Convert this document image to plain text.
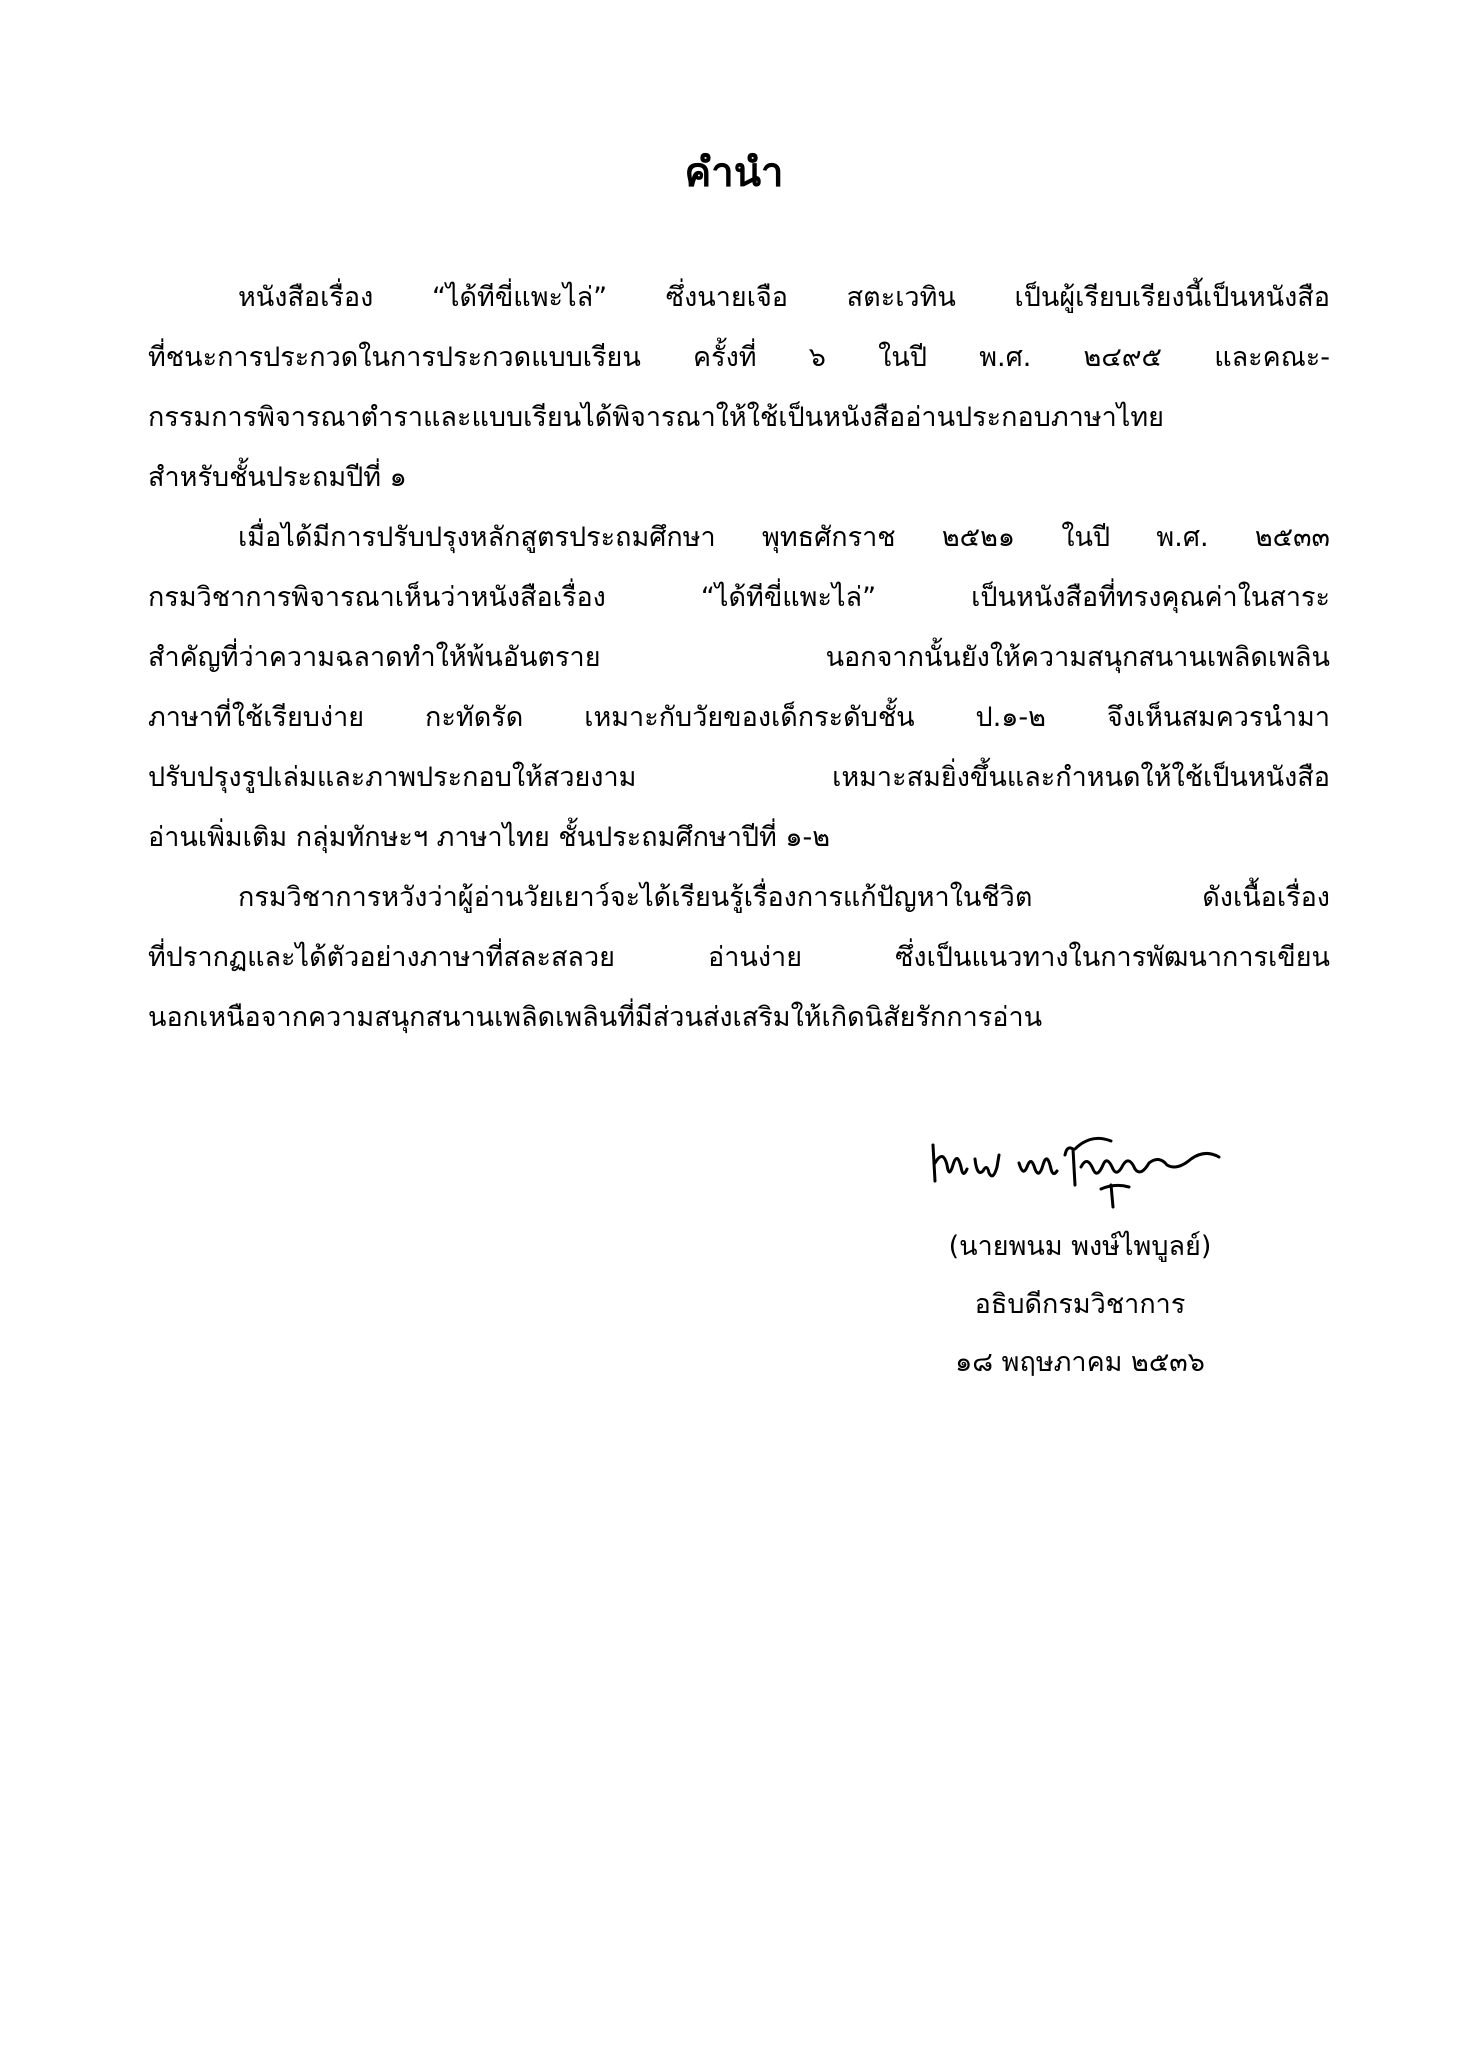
คำนำ
หนังสือเรื่อง “ได้ทีขี่แพะไล่” ซึ่งนายเจือ สตะเวทิน เป็นผู้เรียบเรียงนี้เป็นหนังสือ
ที่ชนะการประกวดในการประกวดแบบเรียน ครั้งที่ ๖ ในปี พ.ศ. ๒๔๙๕ และคณะ-
กรรมการพิจารณาตำราและแบบเรียนได้พิจารณาให้ใช้เป็นหนังสืออ่านประกอบภาษาไทย
สำหรับชั้นประถมปีที่ ๑
เมื่อได้มีการปรับปรุงหลักสูตรประถมศึกษา พุทธศักราช ๒๕๒๑ ในปี พ.ศ. ๒๕๓๓
กรมวิชาการพิจารณาเห็นว่าหนังสือเรื่อง “ได้ทีขี่แพะไล่” เป็นหนังสือที่ทรงคุณค่าในสาระ
สำคัญที่ว่าความฉลาดทำให้พ้นอันตราย นอกจากนั้นยังให้ความสนุกสนานเพลิดเพลิน
ภาษาที่ใช้เรียบง่าย กะทัดรัด เหมาะกับวัยของเด็กระดับชั้น ป.๑-๒ จึงเห็นสมควรนำมา
ปรับปรุงรูปเล่มและภาพประกอบให้สวยงาม เหมาะสมยิ่งขึ้นและกำหนดให้ใช้เป็นหนังสือ
อ่านเพิ่มเติม กลุ่มทักษะฯ ภาษาไทย ชั้นประถมศึกษาปีที่ ๑-๒
กรมวิชาการหวังว่าผู้อ่านวัยเยาว์จะได้เรียนรู้เรื่องการแก้ปัญหาในชีวิต ดังเนื้อเรื่อง
ที่ปรากฏและได้ตัวอย่างภาษาที่สละสลวย อ่านง่าย ซึ่งเป็นแนวทางในการพัฒนาการเขียน
นอกเหนือจากความสนุกสนานเพลิดเพลินที่มีส่วนส่งเสริมให้เกิดนิสัยรักการอ่าน
(นายพนม พงษ์ไพบูลย์)
อธิบดีกรมวิชาการ
๑๘ พฤษภาคม ๒๕๓๖
